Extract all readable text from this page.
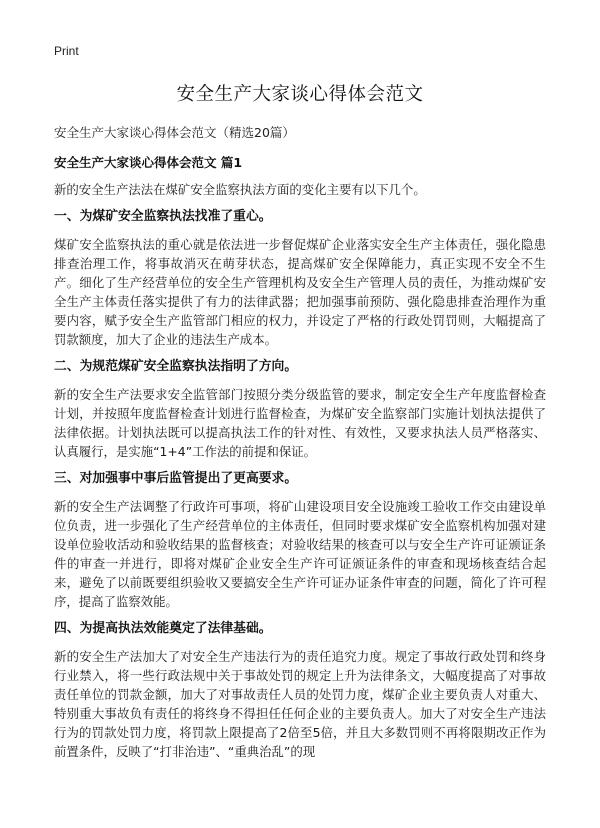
Print
安全生产大家谈心得体会范文
安全生产大家谈心得体会范文（精选20篇）
安全生产大家谈心得体会范文 篇1

新的安全生产法法在煤矿安全监察执法方面的变化主要有以下几个。

一、为煤矿安全监察执法找准了重心。

煤矿安全监察执法的重心就是依法进一步督促煤矿企业落实安全生产主体责任，强化隐患排查治理工作，将事故消灭在萌芽状态，提高煤矿安全保障能力，真正实现不安全不生产。细化了生产经营单位的安全生产管理机构及安全生产管理人员的责任，为推动煤矿安全生产主体责任落实提供了有力的法律武器；把加强事前预防、强化隐患排查治理作为重要内容，赋予安全生产监管部门相应的权力，并设定了严格的行政处罚罚则，大幅提高了罚款额度，加大了企业的违法生产成本。

二、为规范煤矿安全监察执法指明了方向。

新的安全生产法要求安全监管部门按照分类分级监管的要求，制定安全生产年度监督检查计划，并按照年度监督检查计划进行监督检查，为煤矿安全监察部门实施计划执法提供了法律依据。计划执法既可以提高执法工作的针对性、有效性，又要求执法人员严格落实、认真履行，是实施“1+4”工作法的前提和保证。

三、对加强事中事后监管提出了更高要求。

新的安全生产法调整了行政许可事项，将矿山建设项目安全设施竣工验收工作交由建设单位负责，进一步强化了生产经营单位的主体责任，但同时要求煤矿安全监察机构加强对建设单位验收活动和验收结果的监督核查；对验收结果的核查可以与安全生产许可证颁证条件的审查一并进行，即将对煤矿企业安全生产许可证颁证条件的审查和现场核查结合起来，避免了以前既要组织验收又要搞安全生产许可证办证条件审查的问题，简化了许可程序，提高了监察效能。

四、为提高执法效能奠定了法律基础。

新的安全生产法加大了对安全生产违法行为的责任追究力度。规定了事故行政处罚和终身行业禁入，将一些行政法规中关于事故处罚的规定上升为法律条文，大幅度提高了对事故责任单位的罚款金额，加大了对事故责任人员的处罚力度，煤矿企业主要负责人对重大、特别重大事故负有责任的将终身不得担任任何企业的主要负责人。加大了对安全生产违法行为的罚款处罚力度，将罚款上限提高了2倍至5倍，并且大多数罚则不再将限期改正作为前置条件，反映了“打非治违”、“重典治乱”的现
